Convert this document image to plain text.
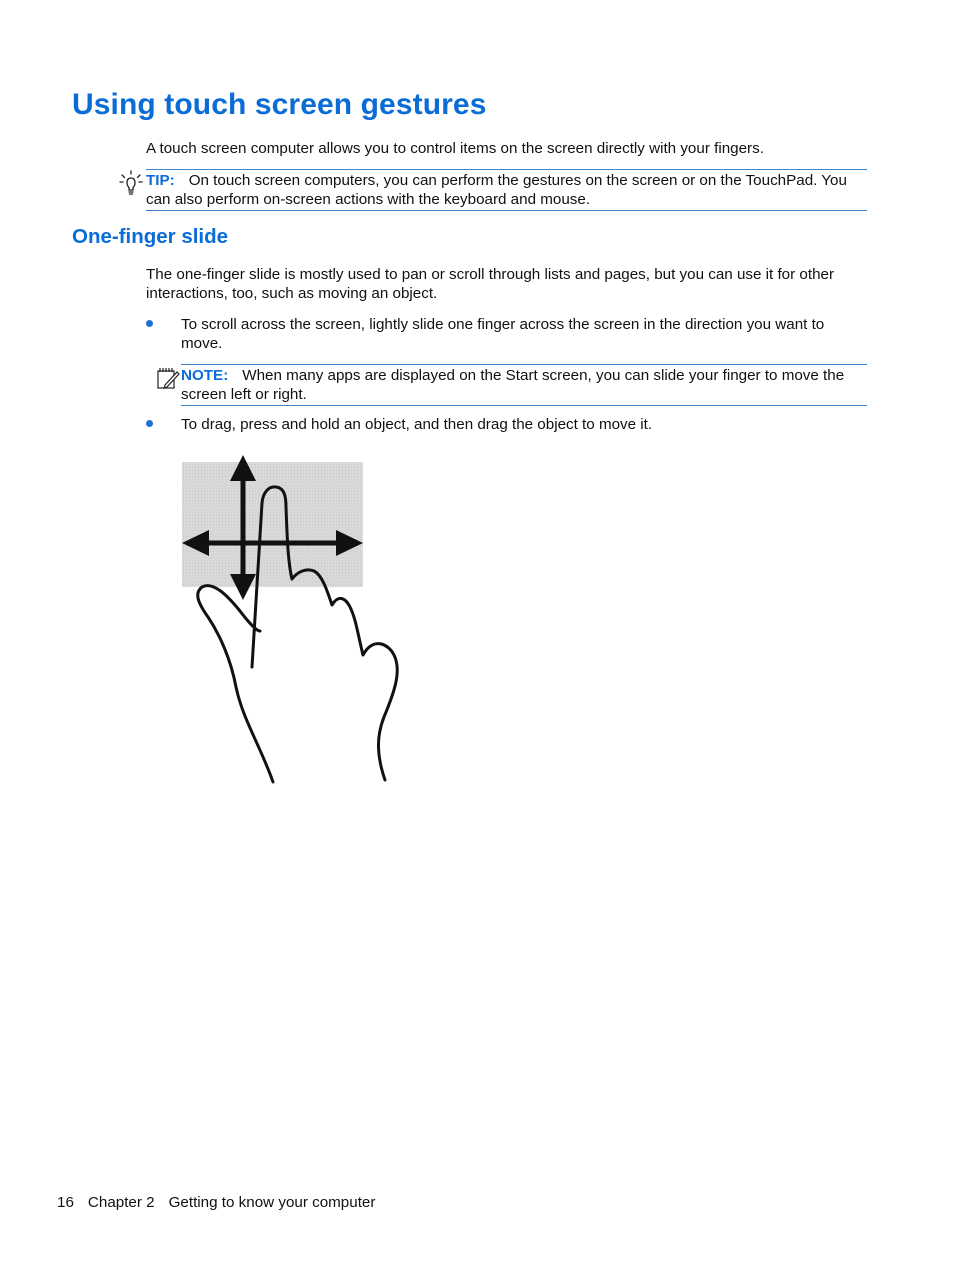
Using touch screen gestures

A touch screen computer allows you to control items on the screen directly with your fingers.

TIP: On touch screen computers, you can perform the gestures on the screen or on the TouchPad. You can also perform on-screen actions with the keyboard and mouse.
One-finger slide

The one-finger slide is mostly used to pan or scroll through lists and pages, but you can use it for other interactions, too, such as moving an object.

To scroll across the screen, lightly slide one finger across the screen in the direction you want to move.

NOTE: When many apps are displayed on the Start screen, you can slide your finger to move the screen left or right.

To drag, press and hold an object, and then drag the object to move it.

16 Chapter 2 Getting to know your computer
